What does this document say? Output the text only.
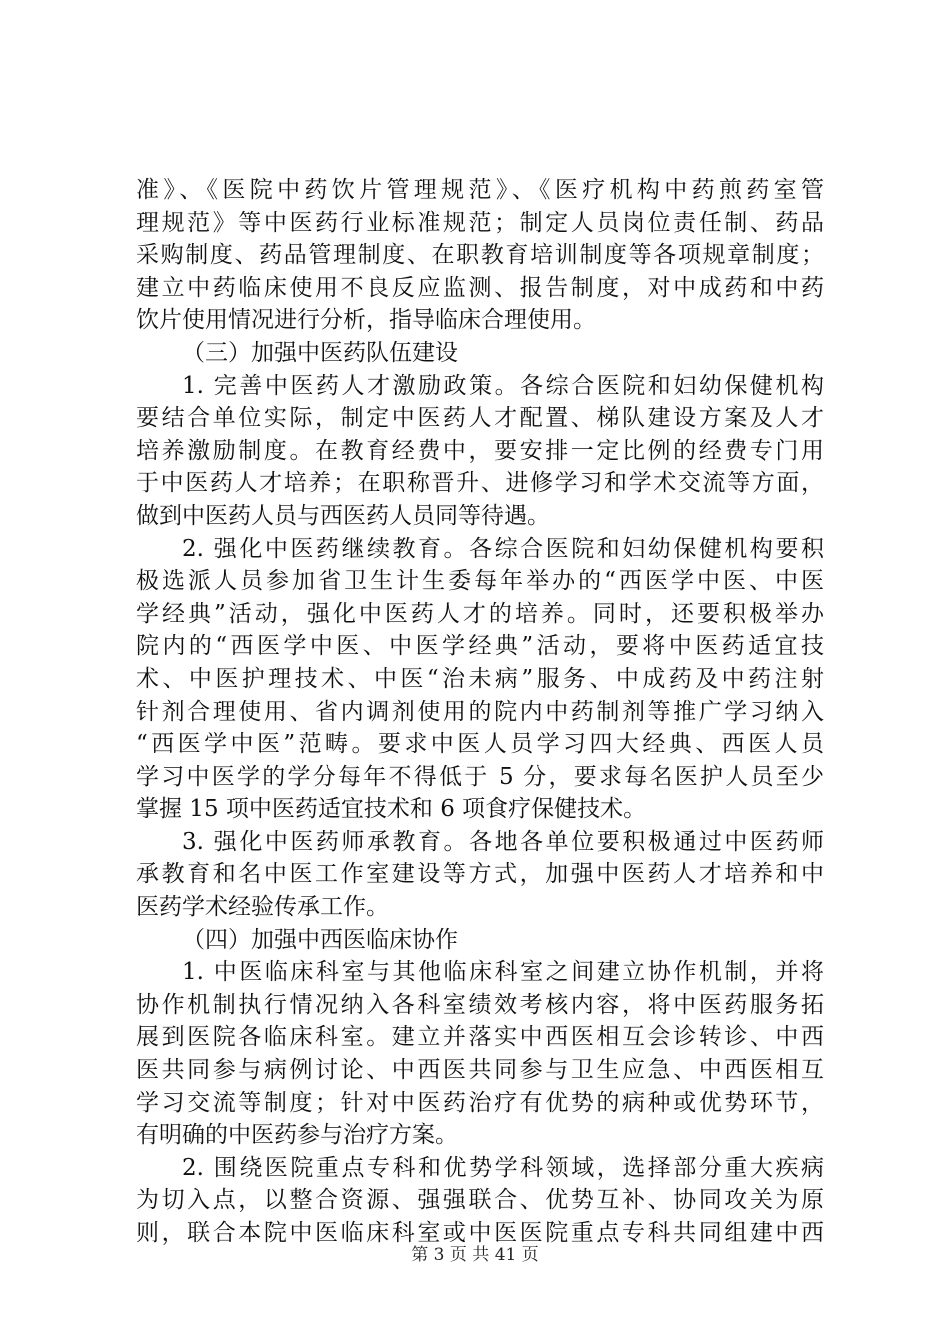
准》、《医院中药饮片管理规范》、《医疗机构中药煎药室管
理规范》等中医药行业标准规范；制定人员岗位责任制、药品
采购制度、药品管理制度、在职教育培训制度等各项规章制度；
建立中药临床使用不良反应监测、报告制度，对中成药和中药
饮片使用情况进行分析，指导临床合理使用。
（三）加强中医药队伍建设
1. 完善中医药人才激励政策。各综合医院和妇幼保健机构
要结合单位实际，制定中医药人才配置、梯队建设方案及人才
培养激励制度。在教育经费中，要安排一定比例的经费专门用
于中医药人才培养；在职称晋升、进修学习和学术交流等方面，
做到中医药人员与西医药人员同等待遇。
2. 强化中医药继续教育。各综合医院和妇幼保健机构要积
极选派人员参加省卫生计生委每年举办的“西医学中医、中医
学经典”活动，强化中医药人才的培养。同时，还要积极举办
院内的“西医学中医、中医学经典”活动，要将中医药适宜技
术、中医护理技术、中医“治未病”服务、中成药及中药注射
针剂合理使用、省内调剂使用的院内中药制剂等推广学习纳入
“西医学中医”范畴。要求中医人员学习四大经典、西医人员
学习中医学的学分每年不得低于 5 分，要求每名医护人员至少
掌握 15 项中医药适宜技术和 6 项食疗保健技术。
3. 强化中医药师承教育。各地各单位要积极通过中医药师
承教育和名中医工作室建设等方式，加强中医药人才培养和中
医药学术经验传承工作。
（四）加强中西医临床协作
1. 中医临床科室与其他临床科室之间建立协作机制，并将
协作机制执行情况纳入各科室绩效考核内容，将中医药服务拓
展到医院各临床科室。建立并落实中西医相互会诊转诊、中西
医共同参与病例讨论、中西医共同参与卫生应急、中西医相互
学习交流等制度；针对中医药治疗有优势的病种或优势环节，
有明确的中医药参与治疗方案。
2. 围绕医院重点专科和优势学科领域，选择部分重大疾病
为切入点，以整合资源、强强联合、优势互补、协同攻关为原
则，联合本院中医临床科室或中医医院重点专科共同组建中西
第 3 页 共 41 页
